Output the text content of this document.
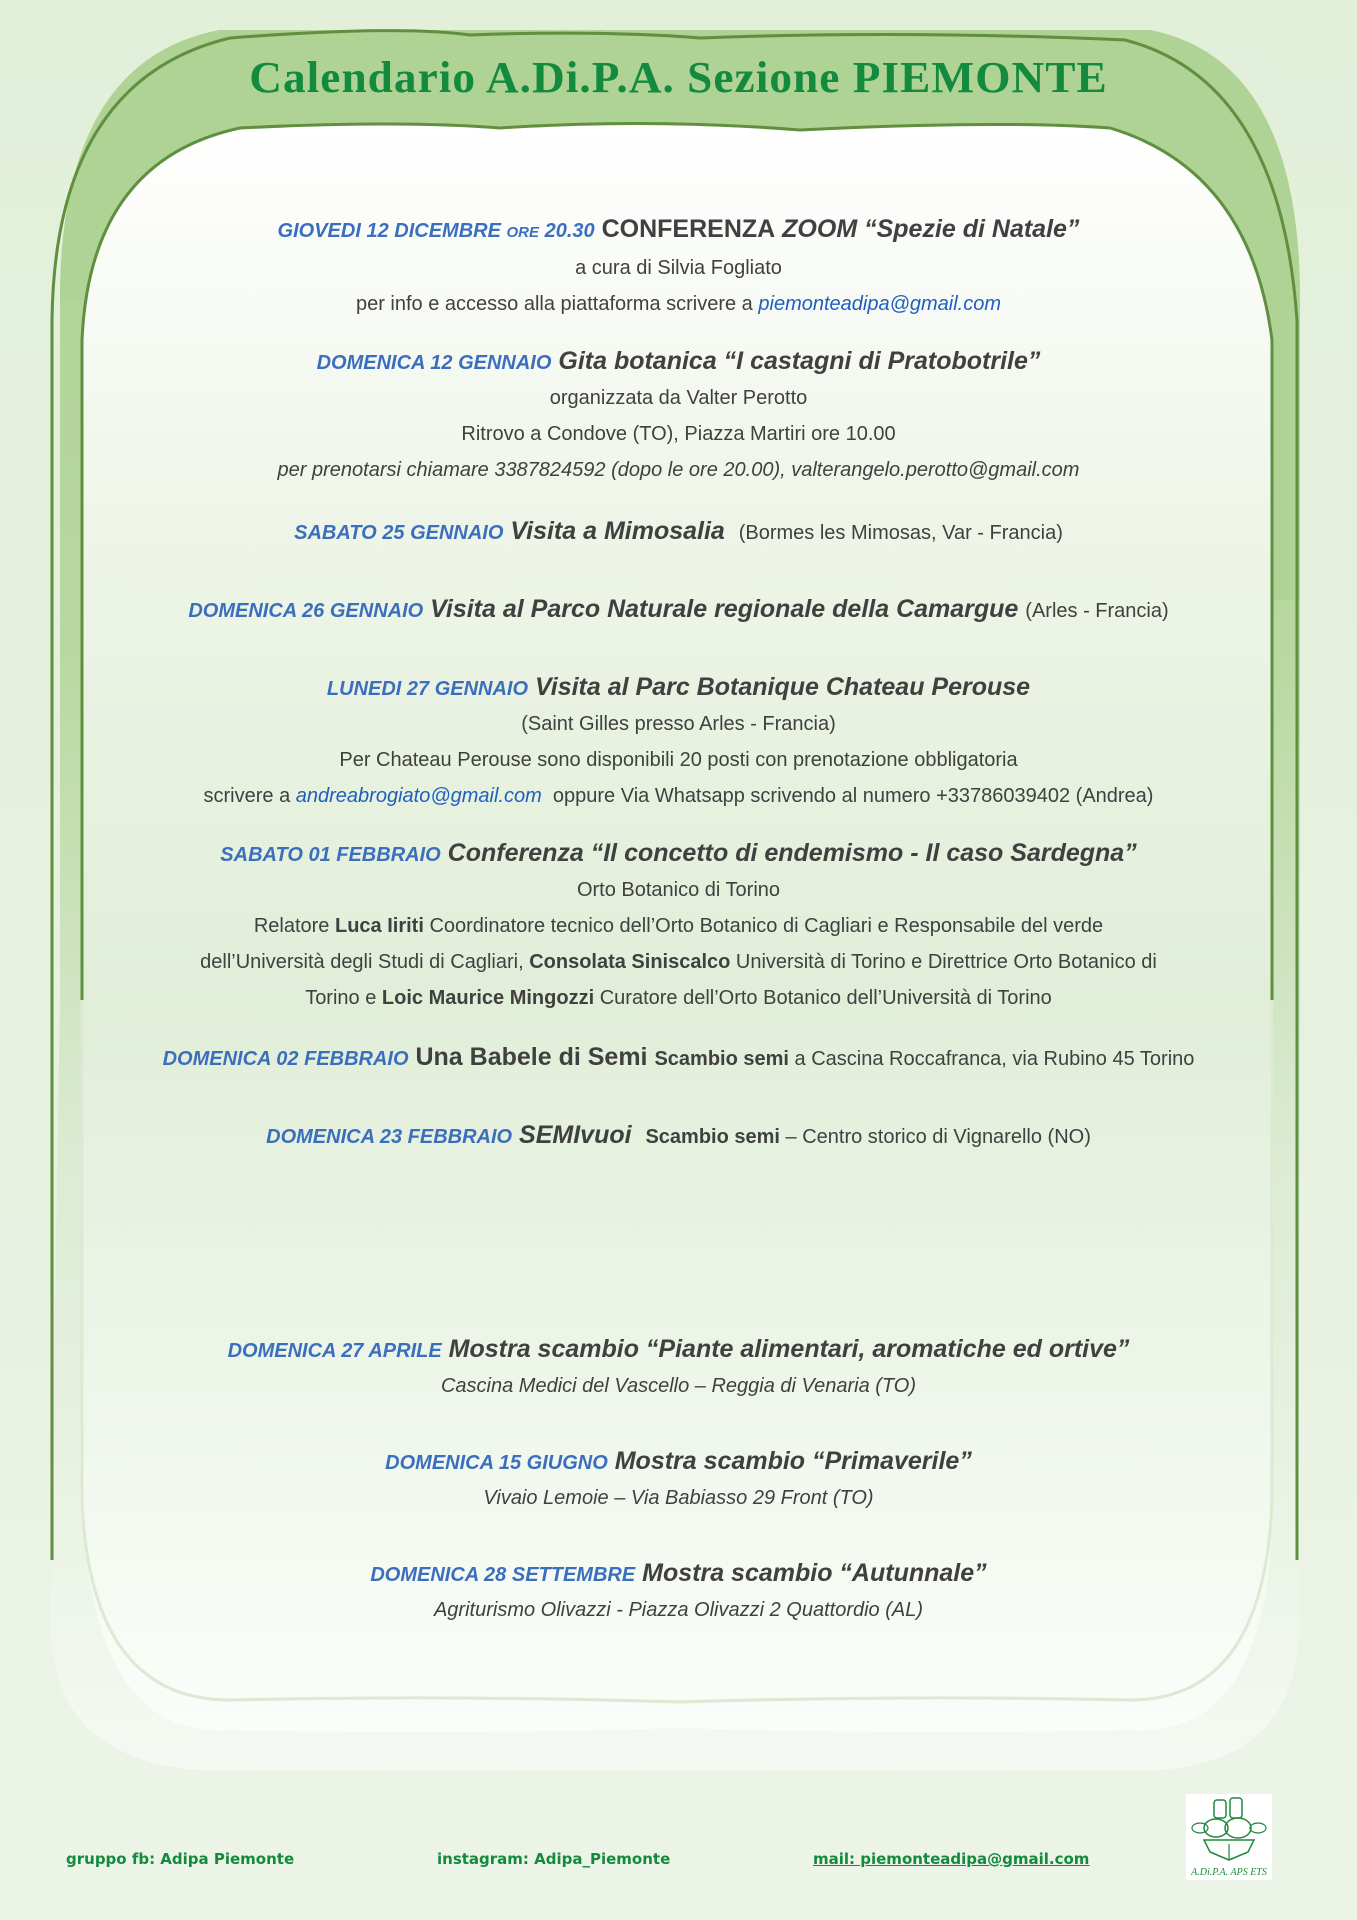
Calendario A.Di.P.A. Sezione PIEMONTE
GIOVEDI 12 DICEMBRE ORE 20.30 CONFERENZA ZOOM “Spezie di Natale”
a cura di Silvia Fogliato
per info e accesso alla piattaforma scrivere a piemonteadipa@gmail.com
DOMENICA 12 GENNAIO Gita botanica “I castagni di Pratobotrile”
organizzata da Valter Perotto
Ritrovo a Condove (TO), Piazza Martiri ore 10.00
per prenotarsi chiamare 3387824592 (dopo le ore 20.00), valterangelo.perotto@gmail.com
SABATO 25 GENNAIO Visita a Mimosalia (Bormes les Mimosas, Var - Francia)
DOMENICA 26 GENNAIO Visita al Parco Naturale regionale della Camargue (Arles - Francia)
LUNEDI 27 GENNAIO Visita al Parc Botanique Chateau Perouse
(Saint Gilles presso Arles - Francia)
Per Chateau Perouse sono disponibili 20 posti con prenotazione obbligatoria
scrivere a andreabrogiato@gmail.com  oppure Via Whatsapp scrivendo al numero +33786039402 (Andrea)
SABATO 01 FEBBRAIO Conferenza “Il concetto di endemismo - Il caso Sardegna”
Orto Botanico di Torino
Relatore Luca Iiriti Coordinatore tecnico dell’Orto Botanico di Cagliari e Responsabile del verde
dell’Università degli Studi di Cagliari, Consolata Siniscalco Università di Torino e Direttrice Orto Botanico di
Torino e Loic Maurice Mingozzi Curatore dell’Orto Botanico dell’Università di Torino
DOMENICA 02 FEBBRAIO Una Babele di Semi Scambio semi a Cascina Roccafranca, via Rubino 45 Torino
DOMENICA 23 FEBBRAIO SEMIvuoi Scambio semi – Centro storico di Vignarello (NO)
DOMENICA 27 APRILE Mostra scambio “Piante alimentari, aromatiche ed ortive”
Cascina Medici del Vascello – Reggia di Venaria (TO)
DOMENICA 15 GIUGNO Mostra scambio “Primaverile”
Vivaio Lemoie – Via Babiasso 29 Front (TO)
DOMENICA 28 SETTEMBRE Mostra scambio “Autunnale”
Agriturismo Olivazzi - Piazza Olivazzi 2 Quattordio (AL)
gruppo fb: Adipa Piemonte	instagram: Adipa_Piemonte	mail: piemonteadipa@gmail.com
A.Di.P.A. APS ETS
